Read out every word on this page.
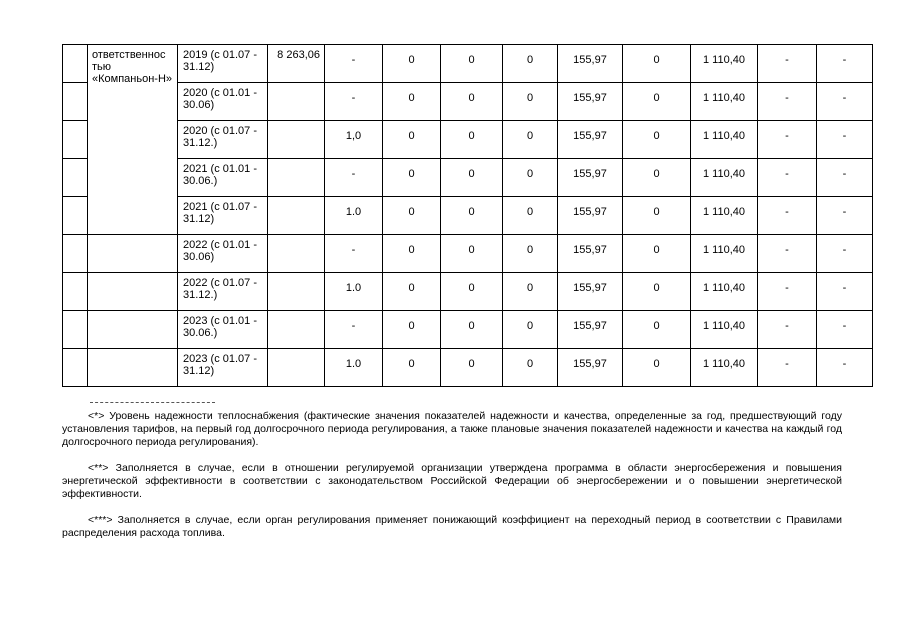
	ответственнос тью «Компаньон-Н»	2019 (с 01.07 - 31.12)	8 263,06	-	0	0	0	155,97	0	1 110,40	-	-
		2020 (с 01.01 - 30.06)		-	0	0	0	155,97	0	1 110,40	-	-
		2020 (с 01.07 - 31.12.)		1,0	0	0	0	155,97	0	1 110,40	-	-
		2021 (с 01.01 - 30.06.)		-	0	0	0	155,97	0	1 110,40	-	-
		2021 (с 01.07 - 31.12)		1.0	0	0	0	155,97	0	1 110,40	-	-
		2022 (с 01.01 - 30.06)		-	0	0	0	155,97	0	1 110,40	-	-
		2022 (с 01.07 - 31.12.)		1.0	0	0	0	155,97	0	1 110,40	-	-
		2023 (с 01.01 - 30.06.)		-	0	0	0	155,97	0	1 110,40	-	-
		2023 (с 01.07 - 31.12)		1.0	0	0	0	155,97	0	1 110,40	-	-
<*> Уровень надежности теплоснабжения (фактические значения показателей надежности и качества, определенные за год, предшествующий году установления тарифов, на первый год долгосрочного периода регулирования, а также плановые значения показателей надежности и качества на каждый год долгосрочного периода регулирования).
<**> Заполняется в случае, если в отношении регулируемой организации утверждена программа в области энергосбережения и повышения энергетической эффективности в соответствии с законодательством Российской Федерации об энергосбережении и о повышении энергетической эффективности.
<***> Заполняется в случае, если орган регулирования применяет понижающий коэффициент на переходный период в соответствии с Правилами распределения расхода топлива.
